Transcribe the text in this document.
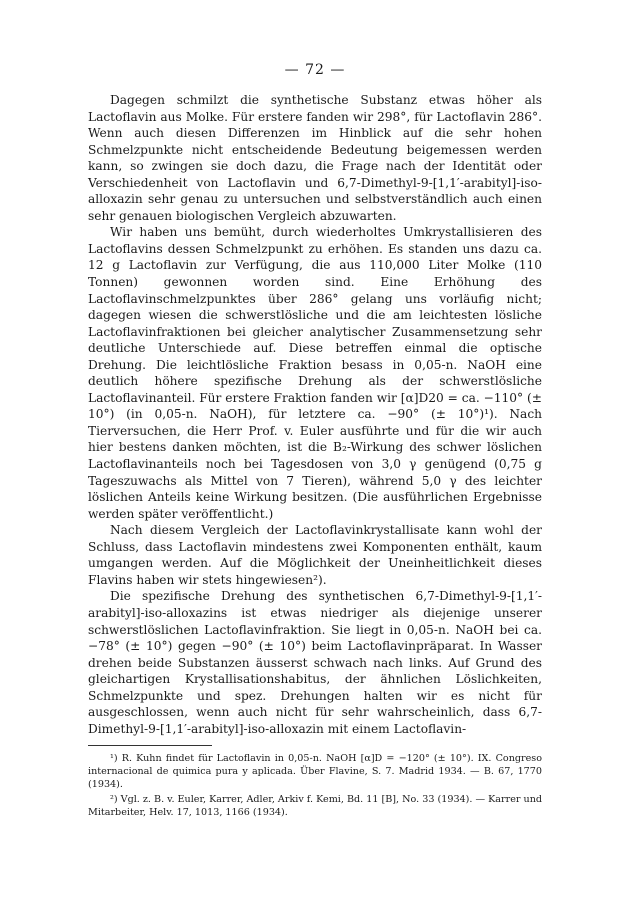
— 72 —

Dagegen schmilzt die synthetische Substanz etwas höher als Lactoflavin aus Molke. Für erstere fanden wir 298°, für Lactoflavin 286°. Wenn auch diesen Differenzen im Hinblick auf die sehr hohen Schmelzpunkte nicht entscheidende Bedeutung beigemessen werden kann, so zwingen sie doch dazu, die Frage nach der Identität oder Verschiedenheit von Lactoflavin und 6,7-Dimethyl-9-[1,1′-arabityl]-iso-alloxazin sehr genau zu untersuchen und selbstverständlich auch einen sehr genauen biologischen Vergleich abzuwarten.

Wir haben uns bemüht, durch wiederholtes Umkrystallisieren des Lactoflavins dessen Schmelzpunkt zu erhöhen. Es standen uns dazu ca. 12 g Lactoflavin zur Verfügung, die aus 110,000 Liter Molke (110 Tonnen) gewonnen worden sind. Eine Erhöhung des Lactoflavinschmelzpunktes über 286° gelang uns vorläufig nicht; dagegen wiesen die schwerstlösliche und die am leichtesten lösliche Lactoflavinfraktionen bei gleicher analytischer Zusammensetzung sehr deutliche Unterschiede auf. Diese betreffen einmal die optische Drehung. Die leichtlösliche Fraktion besass in 0,05-n. NaOH eine deutlich höhere spezifische Drehung als der schwerstlösliche Lactoflavinanteil. Für erstere Fraktion fanden wir [α]D20 = ca. −110° (± 10°) (in 0,05-n. NaOH), für letztere ca. −90° (± 10°)¹). Nach Tierversuchen, die Herr Prof. v. Euler ausführte und für die wir auch hier bestens danken möchten, ist die B₂-Wirkung des schwer löslichen Lactoflavinanteils noch bei Tagesdosen von 3,0 γ genügend (0,75 g Tageszuwachs als Mittel von 7 Tieren), während 5,0 γ des leichter löslichen Anteils keine Wirkung besitzen. (Die ausführlichen Ergebnisse werden später veröffentlicht.)

Nach diesem Vergleich der Lactoflavinkrystallisate kann wohl der Schluss, dass Lactoflavin mindestens zwei Komponenten enthält, kaum umgangen werden. Auf die Möglichkeit der Uneinheitlichkeit dieses Flavins haben wir stets hingewiesen²).

Die spezifische Drehung des synthetischen 6,7-Dimethyl-9-[1,1′-arabityl]-iso-alloxazins ist etwas niedriger als diejenige unserer schwerstlöslichen Lactoflavinfraktion. Sie liegt in 0,05-n. NaOH bei ca. −78° (± 10°) gegen −90° (± 10°) beim Lactoflavinpräparat. In Wasser drehen beide Substanzen äusserst schwach nach links. Auf Grund des gleichartigen Krystallisationshabitus, der ähnlichen Löslichkeiten, Schmelzpunkte und spez. Drehungen halten wir es nicht für ausgeschlossen, wenn auch nicht für sehr wahrscheinlich, dass 6,7-Dimethyl-9-[1,1′-arabityl]-iso-alloxazin mit einem Lactoflavin-

¹) R. Kuhn findet für Lactoflavin in 0,05-n. NaOH [α]D = −120° (± 10°). IX. Congreso internacional de quimica pura y aplicada. Über Flavine, S. 7. Madrid 1934. — B. 67, 1770 (1934).

²) Vgl. z. B. v. Euler, Karrer, Adler, Arkiv f. Kemi, Bd. 11 [B], No. 33 (1934). — Karrer und Mitarbeiter, Helv. 17, 1013, 1166 (1934).
